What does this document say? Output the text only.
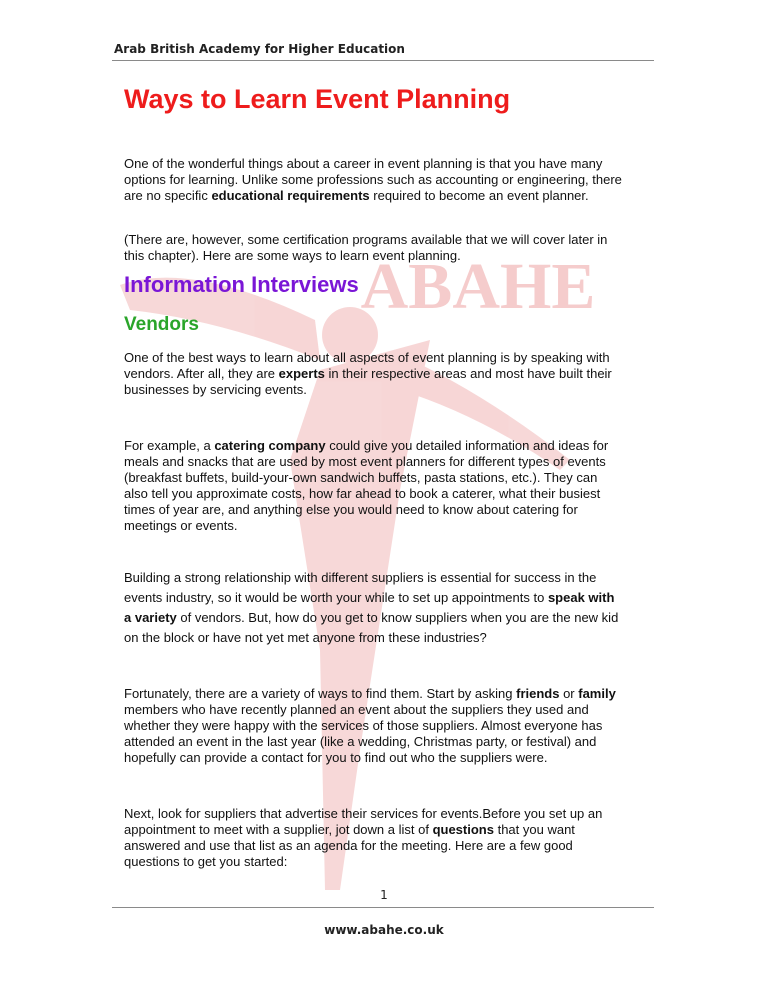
Arab British Academy for Higher Education
ABAHE
Ways to Learn Event Planning

One of the wonderful things about a career in event planning is that you have many options for learning. Unlike some professions such as accounting or engineering, there are no specific educational requirements required to become an event planner.

(There are, however, some certification programs available that we will cover later in this chapter). Here are some ways to learn event planning.

Information Interviews
Vendors

One of the best ways to learn about all aspects of event planning is by speaking with vendors. After all, they are experts in their respective areas and most have built their businesses by servicing events.

For example, a catering company could give you detailed information and ideas for meals and snacks that are used by most event planners for different types of events (breakfast buffets, build-your-own sandwich buffets, pasta stations, etc.). They can also tell you approximate costs, how far ahead to book a caterer, what their busiest times of year are, and anything else you would need to know about catering for meetings or events.

Building a strong relationship with different suppliers is essential for success in the events industry, so it would be worth your while to set up appointments to speak with a variety of vendors. But, how do you get to know suppliers when you are the new kid on the block or have not yet met anyone from these industries?

Fortunately, there are a variety of ways to find them. Start by asking friends or family members who have recently planned an event about the suppliers they used and whether they were happy with the services of those suppliers. Almost everyone has attended an event in the last year (like a wedding, Christmas party, or festival) and hopefully can provide a contact for you to find out who the suppliers were.

Next, look for suppliers that advertise their services for events.Before you set up an appointment to meet with a supplier, jot down a list of questions that you want answered and use that list as an agenda for the meeting. Here are a few good questions to get you started:

1
www.abahe.co.uk
